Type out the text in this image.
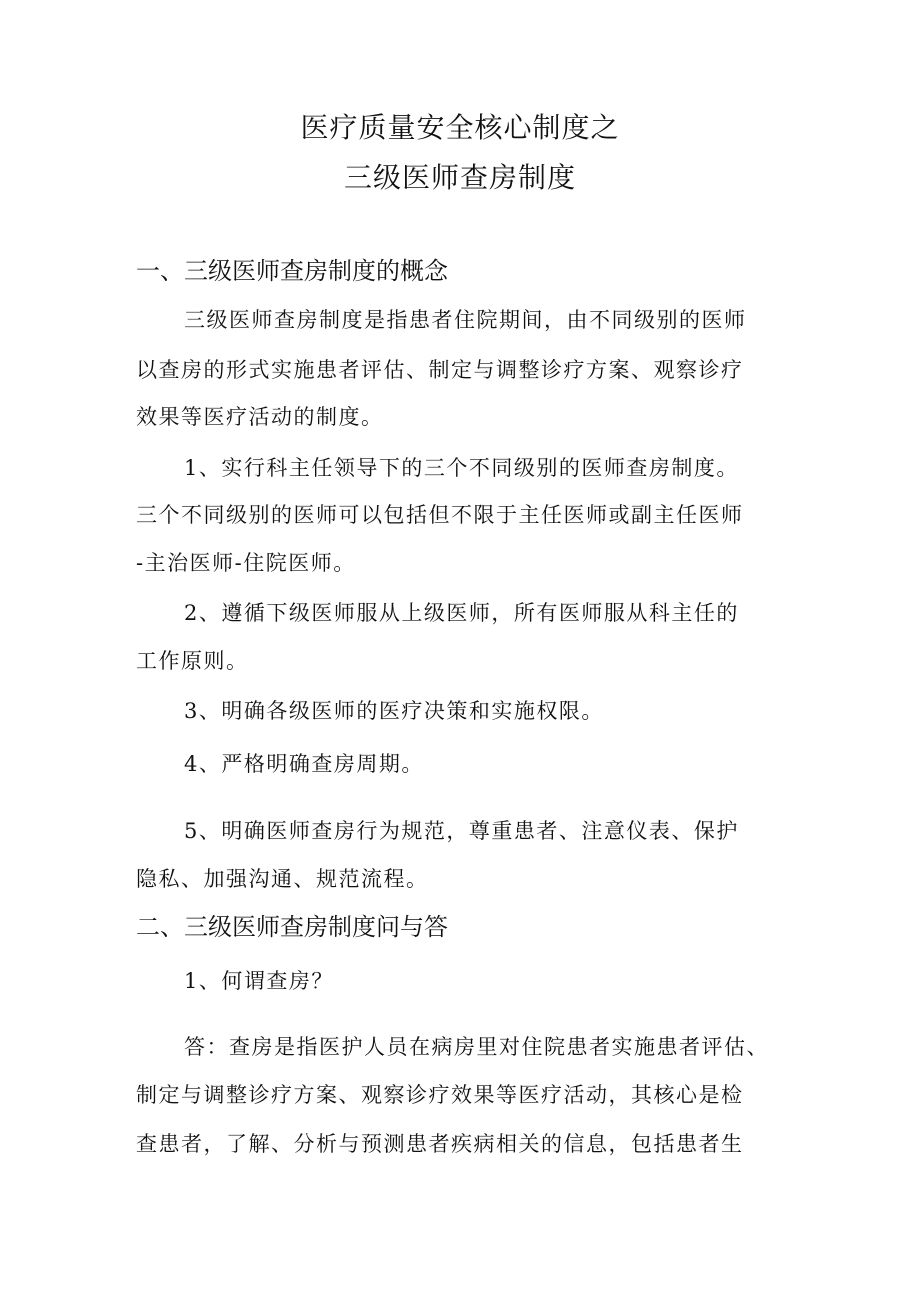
医疗质量安全核心制度之
三级医师查房制度
一、三级医师查房制度的概念
三级医师查房制度是指患者住院期间，由不同级别的医师
以查房的形式实施患者评估、制定与调整诊疗方案、观察诊疗
效果等医疗活动的制度。
1、实行科主任领导下的三个不同级别的医师查房制度。
三个不同级别的医师可以包括但不限于主任医师或副主任医师
-主治医师-住院医师。
2、遵循下级医师服从上级医师，所有医师服从科主任的
工作原则。
3、明确各级医师的医疗决策和实施权限。
4、严格明确查房周期。
5、明确医师查房行为规范，尊重患者、注意仪表、保护
隐私、加强沟通、规范流程。
二、三级医师查房制度问与答
1、何谓查房？
答：查房是指医护人员在病房里对住院患者实施患者评估、
制定与调整诊疗方案、观察诊疗效果等医疗活动，其核心是检
查患者，了解、分析与预测患者疾病相关的信息，包括患者生
